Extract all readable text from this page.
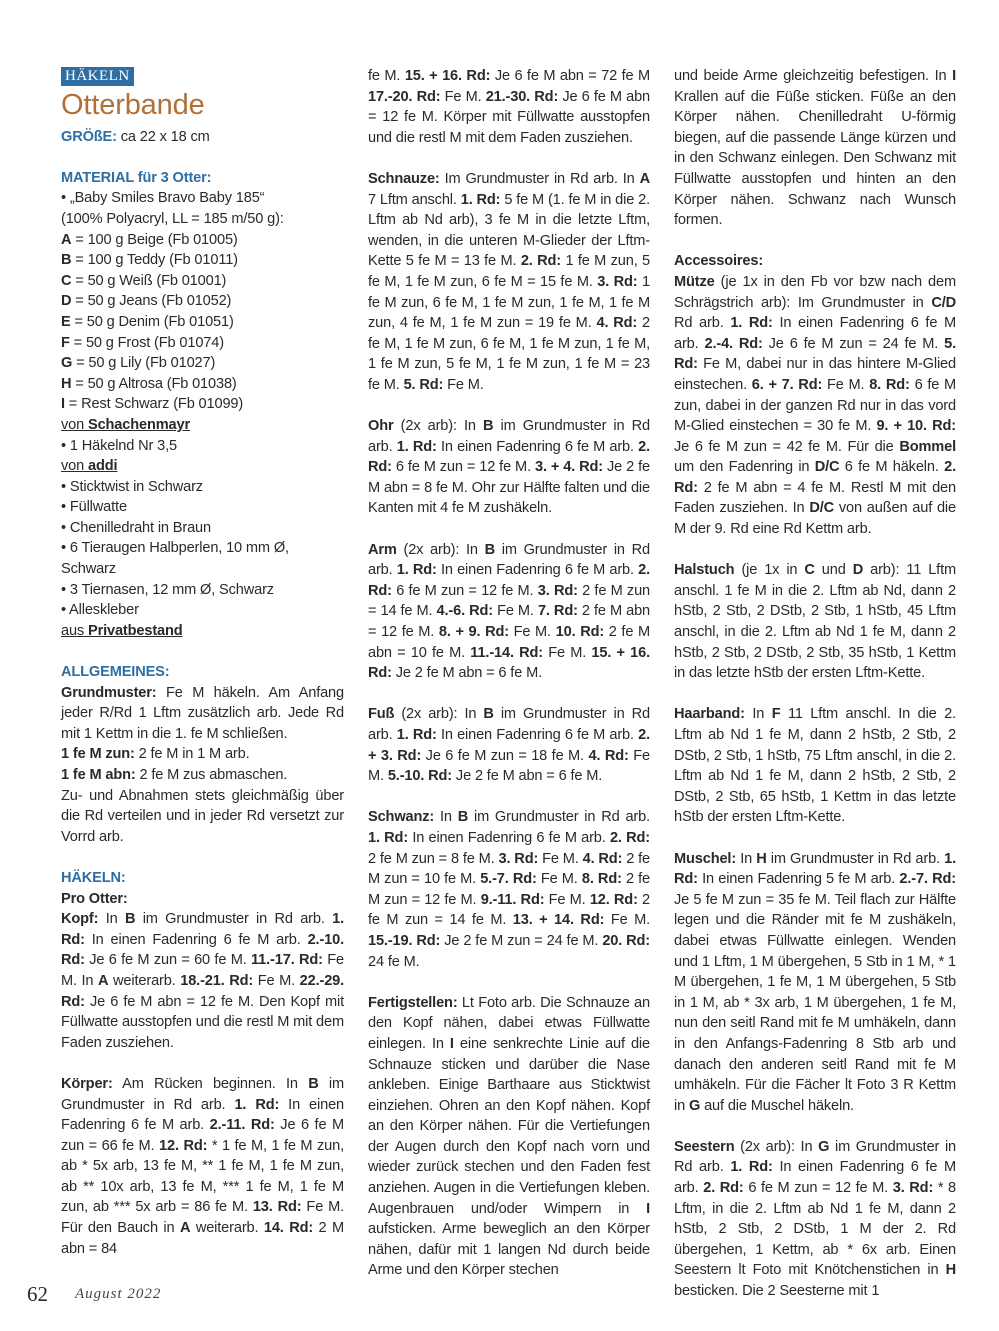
HÄKELN
Otterbande

GRÖßE: ca 22 x 18 cm

MATERIAL für 3 Otter:
• „Baby Smiles Bravo Baby 185“
(100% Polyacryl, LL = 185 m/50 g):
A = 100 g Beige (Fb 01005)
B = 100 g Teddy (Fb 01011)
C = 50 g Weiß (Fb 01001)
D = 50 g Jeans (Fb 01052)
E = 50 g Denim (Fb 01051)
F = 50 g Frost (Fb 01074)
G = 50 g Lily (Fb 01027)
H = 50 g Altrosa (Fb 01038)
I = Rest Schwarz (Fb 01099)
von Schachenmayr
• 1 Häkelnd Nr 3,5
von addi
• Sticktwist in Schwarz
• Füllwatte
• Chenilledraht in Braun
• 6 Tieraugen Halbperlen, 10 mm Ø, Schwarz
• 3 Tiernasen, 12 mm Ø, Schwarz
• Alleskleber
aus Privatbestand
ALLGEMEINES:

Grundmuster: Fe M häkeln. Am Anfang jeder R/Rd 1 Lftm zusätzlich arb. Jede Rd mit 1 Kettm in die 1. fe M schließen.

1 fe M zun: 2 fe M in 1 M arb.

1 fe M abn: 2 fe M zus abmaschen.

Zu- und Abnahmen stets gleichmäßig über die Rd verteilen und in jeder Rd versetzt zur Vorrd arb.

HÄKELN:
Pro Otter:

Kopf: In B im Grundmuster in Rd arb. 1. Rd: In einen Fadenring 6 fe M arb. 2.-10. Rd: Je 6 fe M zun = 60 fe M. 11.-17. Rd: Fe M. In A weiterarb. 18.-21. Rd: Fe M. 22.-29. Rd: Je 6 fe M abn = 12 fe M. Den Kopf mit Füllwatte ausstopfen und die restl M mit dem Faden zusziehen.

Körper: Am Rücken beginnen. In B im Grundmuster in Rd arb. 1. Rd: In einen Fadenring 6 fe M arb. 2.-11. Rd: Je 6 fe M zun = 66 fe M. 12. Rd: * 1 fe M, 1 fe M zun, ab * 5x arb, 13 fe M, ** 1 fe M, 1 fe M zun, ab ** 10x arb, 13 fe M, *** 1 fe M, 1 fe M zun, ab *** 5x arb = 86 fe M. 13. Rd: Fe M. Für den Bauch in A weiterarb. 14. Rd: 2 M abn = 84

fe M. 15. + 16. Rd: Je 6 fe M abn = 72 fe M 17.-20. Rd: Fe M. 21.-30. Rd: Je 6 fe M abn = 12 fe M. Körper mit Füllwatte ausstopfen und die restl M mit dem Faden zusziehen.

Schnauze: Im Grundmuster in Rd arb. In A 7 Lftm anschl. 1. Rd: 5 fe M (1. fe M in die 2. Lftm ab Nd arb), 3 fe M in die letzte Lftm, wenden, in die unteren M-Glieder der Lftm-Kette 5 fe M = 13 fe M. 2. Rd: 1 fe M zun, 5 fe M, 1 fe M zun, 6 fe M = 15 fe M. 3. Rd: 1 fe M zun, 6 fe M, 1 fe M zun, 1 fe M, 1 fe M zun, 4 fe M, 1 fe M zun = 19 fe M. 4. Rd: 2 fe M, 1 fe M zun, 6 fe M, 1 fe M zun, 1 fe M, 1 fe M zun, 5 fe M, 1 fe M zun, 1 fe M = 23 fe M. 5. Rd: Fe M.

Ohr (2x arb): In B im Grundmuster in Rd arb. 1. Rd: In einen Fadenring 6 fe M arb. 2. Rd: 6 fe M zun = 12 fe M. 3. + 4. Rd: Je 2 fe M abn = 8 fe M. Ohr zur Hälfte falten und die Kanten mit 4 fe M zushäkeln.

Arm (2x arb): In B im Grundmuster in Rd arb. 1. Rd: In einen Fadenring 6 fe M arb. 2. Rd: 6 fe M zun = 12 fe M. 3. Rd: 2 fe M zun = 14 fe M. 4.-6. Rd: Fe M. 7. Rd: 2 fe M abn = 12 fe M. 8. + 9. Rd: Fe M. 10. Rd: 2 fe M abn = 10 fe M. 11.-14. Rd: Fe M. 15. + 16. Rd: Je 2 fe M abn = 6 fe M.

Fuß (2x arb): In B im Grundmuster in Rd arb. 1. Rd: In einen Fadenring 6 fe M arb. 2. + 3. Rd: Je 6 fe M zun = 18 fe M. 4. Rd: Fe M. 5.-10. Rd: Je 2 fe M abn = 6 fe M.

Schwanz: In B im Grundmuster in Rd arb. 1. Rd: In einen Fadenring 6 fe M arb. 2. Rd: 2 fe M zun = 8 fe M. 3. Rd: Fe M. 4. Rd: 2 fe M zun = 10 fe M. 5.-7. Rd: Fe M. 8. Rd: 2 fe M zun = 12 fe M. 9.-11. Rd: Fe M. 12. Rd: 2 fe M zun = 14 fe M. 13. + 14. Rd: Fe M. 15.-19. Rd: Je 2 fe M zun = 24 fe M. 20. Rd: 24 fe M.

Fertigstellen: Lt Foto arb. Die Schnauze an den Kopf nähen, dabei etwas Füllwatte einlegen. In I eine senkrechte Linie auf die Schnauze sticken und darüber die Nase ankleben. Einige Barthaare aus Sticktwist einziehen. Ohren an den Kopf nähen. Kopf an den Körper nähen. Für die Vertiefungen der Augen durch den Kopf nach vorn und wieder zurück stechen und den Faden fest anziehen. Augen in die Vertiefungen kleben. Augenbrauen und/oder Wimpern in I aufsticken. Arme beweglich an den Körper nähen, dafür mit 1 langen Nd durch beide Arme und den Körper stechen

und beide Arme gleichzeitig befestigen. In I Krallen auf die Füße sticken. Füße an den Körper nähen. Chenilledraht U-förmig biegen, auf die passende Länge kürzen und in den Schwanz einlegen. Den Schwanz mit Füllwatte ausstopfen und hinten an den Körper nähen. Schwanz nach Wunsch formen.

Accessoires:

Mütze (je 1x in den Fb vor bzw nach dem Schrägstrich arb): Im Grundmuster in C/D Rd arb. 1. Rd: In einen Fadenring 6 fe M arb. 2.-4. Rd: Je 6 fe M zun = 24 fe M. 5. Rd: Fe M, dabei nur in das hintere M-Glied einstechen. 6. + 7. Rd: Fe M. 8. Rd: 6 fe M zun, dabei in der ganzen Rd nur in das vord M-Glied einstechen = 30 fe M. 9. + 10. Rd: Je 6 fe M zun = 42 fe M. Für die Bommel um den Fadenring in D/C 6 fe M häkeln. 2. Rd: 2 fe M abn = 4 fe M. Restl M mit den Faden zusziehen. In D/C von außen auf die M der 9. Rd eine Rd Kettm arb.

Halstuch (je 1x in C und D arb): 11 Lftm anschl. 1 fe M in die 2. Lftm ab Nd, dann 2 hStb, 2 Stb, 2 DStb, 2 Stb, 1 hStb, 45 Lftm anschl, in die 2. Lftm ab Nd 1 fe M, dann 2 hStb, 2 Stb, 2 DStb, 2 Stb, 35 hStb, 1 Kettm in das letzte hStb der ersten Lftm-Kette.

Haarband: In F 11 Lftm anschl. In die 2. Lftm ab Nd 1 fe M, dann 2 hStb, 2 Stb, 2 DStb, 2 Stb, 1 hStb, 75 Lftm anschl, in die 2. Lftm ab Nd 1 fe M, dann 2 hStb, 2 Stb, 2 DStb, 2 Stb, 65 hStb, 1 Kettm in das letzte hStb der ersten Lftm-Kette.

Muschel: In H im Grundmuster in Rd arb. 1. Rd: In einen Fadenring 5 fe M arb. 2.-7. Rd: Je 5 fe M zun = 35 fe M. Teil flach zur Hälfte legen und die Ränder mit fe M zushäkeln, dabei etwas Füllwatte einlegen. Wenden und 1 Lftm, 1 M übergehen, 5 Stb in 1 M, * 1 M übergehen, 1 fe M, 1 M übergehen, 5 Stb in 1 M, ab * 3x arb, 1 M übergehen, 1 fe M, nun den seitl Rand mit fe M umhäkeln, dann in den Anfangs-Fadenring 8 Stb arb und danach den anderen seitl Rand mit fe M umhäkeln. Für die Fächer lt Foto 3 R Kettm in G auf die Muschel häkeln.

Seestern (2x arb): In G im Grundmuster in Rd arb. 1. Rd: In einen Fadenring 6 fe M arb. 2. Rd: 6 fe M zun = 12 fe M. 3. Rd: * 8 Lftm, in die 2. Lftm ab Nd 1 fe M, dann 2 hStb, 2 Stb, 2 DStb, 1 M der 2. Rd übergehen, 1 Kettm, ab * 6x arb. Einen Seestern lt Foto mit Knötchenstichen in H besticken. Die 2 Seesterne mit 1

62 August 2022
